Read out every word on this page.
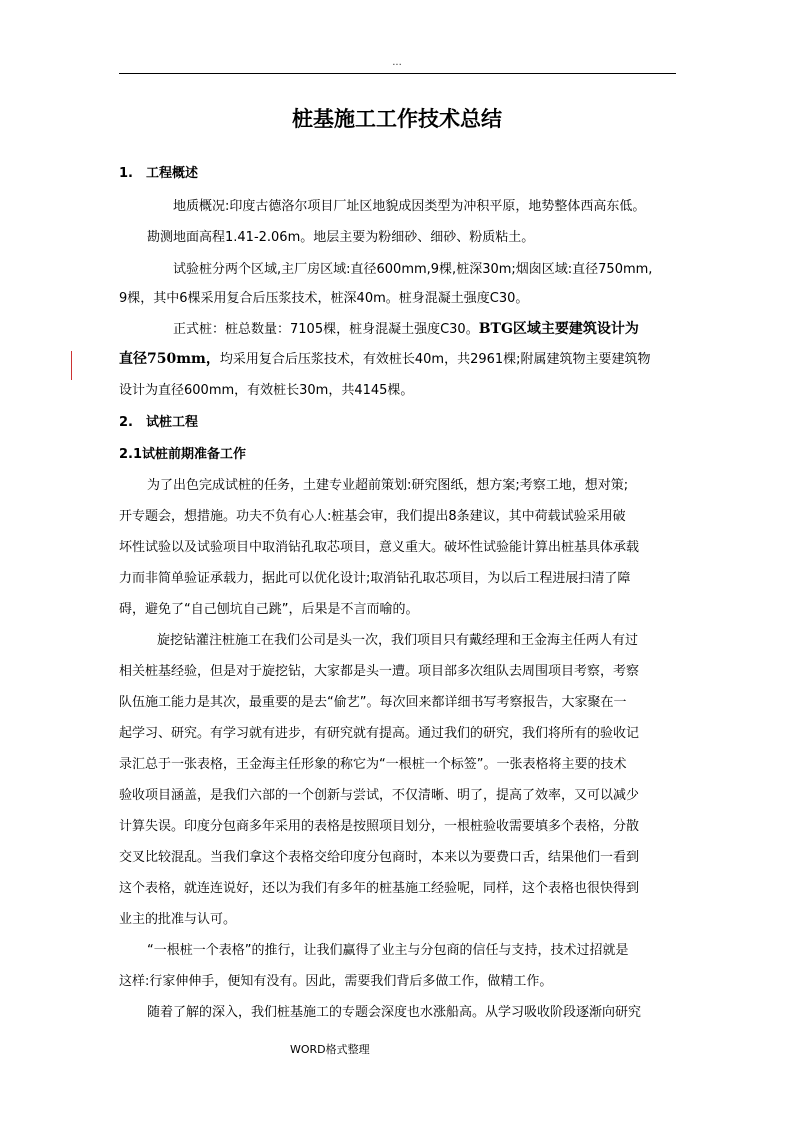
...
桩基施工工作技术总结
1. 工程概述
地质概况:印度古德洛尔项目厂址区地貌成因类型为冲积平原，地势整体西高东低。
勘测地面高程1.41-2.06m。地层主要为粉细砂、细砂、粉质粘土。
试验桩分两个区域,主厂房区域:直径600mm,9棵,桩深30m;烟囱区域:直径750mm,
9棵，其中6棵采用复合后压浆技术，桩深40m。桩身混凝土强度C30。
正式桩：桩总数量：7105棵，桩身混凝土强度C30。BTG区域主要建筑设计为
直径750mm，均采用复合后压浆技术，有效桩长40m，共2961棵;附属建筑物主要建筑物
设计为直径600mm，有效桩长30m，共4145棵。
2. 试桩工程
2.1试桩前期准备工作
为了出色完成试桩的任务，土建专业超前策划:研究图纸，想方案;考察工地，想对策;
开专题会，想措施。功夫不负有心人:桩基会审，我们提出8条建议，其中荷载试验采用破
坏性试验以及试验项目中取消钻孔取芯项目，意义重大。破坏性试验能计算出桩基具体承载
力而非简单验证承载力，据此可以优化设计;取消钻孔取芯项目，为以后工程进展扫清了障
碍，避免了“自己刨坑自己跳”，后果是不言而喻的。
旋挖钻灌注桩施工在我们公司是头一次，我们项目只有戴经理和王金海主任两人有过
相关桩基经验，但是对于旋挖钻，大家都是头一遭。项目部多次组队去周围项目考察，考察
队伍施工能力是其次，最重要的是去“偷艺”。每次回来都详细书写考察报告，大家聚在一
起学习、研究。有学习就有进步，有研究就有提高。通过我们的研究，我们将所有的验收记
录汇总于一张表格，王金海主任形象的称它为“一根桩一个标签”。一张表格将主要的技术
验收项目涵盖，是我们六部的一个创新与尝试，不仅清晰、明了，提高了效率，又可以减少
计算失误。印度分包商多年采用的表格是按照项目划分，一根桩验收需要填多个表格，分散
交叉比较混乱。当我们拿这个表格交给印度分包商时，本来以为要费口舌，结果他们一看到
这个表格，就连连说好，还以为我们有多年的桩基施工经验呢，同样，这个表格也很快得到
业主的批准与认可。
“一根桩一个表格”的推行，让我们赢得了业主与分包商的信任与支持，技术过招就是
这样:行家伸伸手，便知有没有。因此，需要我们背后多做工作，做精工作。
随着了解的深入，我们桩基施工的专题会深度也水涨船高。从学习吸收阶段逐渐向研究
WORD格式整理
